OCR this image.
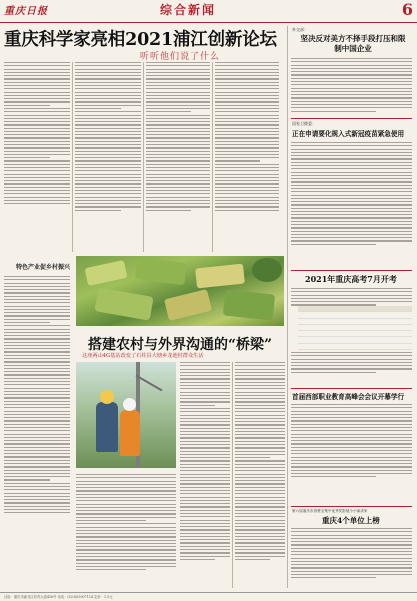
重庆日报	综合新闻	6
重庆科学家亮相2021浦江创新论坛
听听他们说了什么
特色产业促乡村振兴
搭建农村与外界沟通的“桥梁”
这座两山4G基站改变了石柱县大塘乡龙池村群众生活
外交部：
坚决反对美方不择手段打压和限制中国企业
国家卫健委：
正在申请要化规入式新冠疫苗紧急使用
2021年重庆高考7月开考
首届西部职业教育高峰会会议开幕学行
第六届重庆市消费全集中优秀奖影展小小演讲家
重庆4个单位上榜
社址：重庆市渝北区同茂大道416号 电话：(023)63907114 定价：1.5元
